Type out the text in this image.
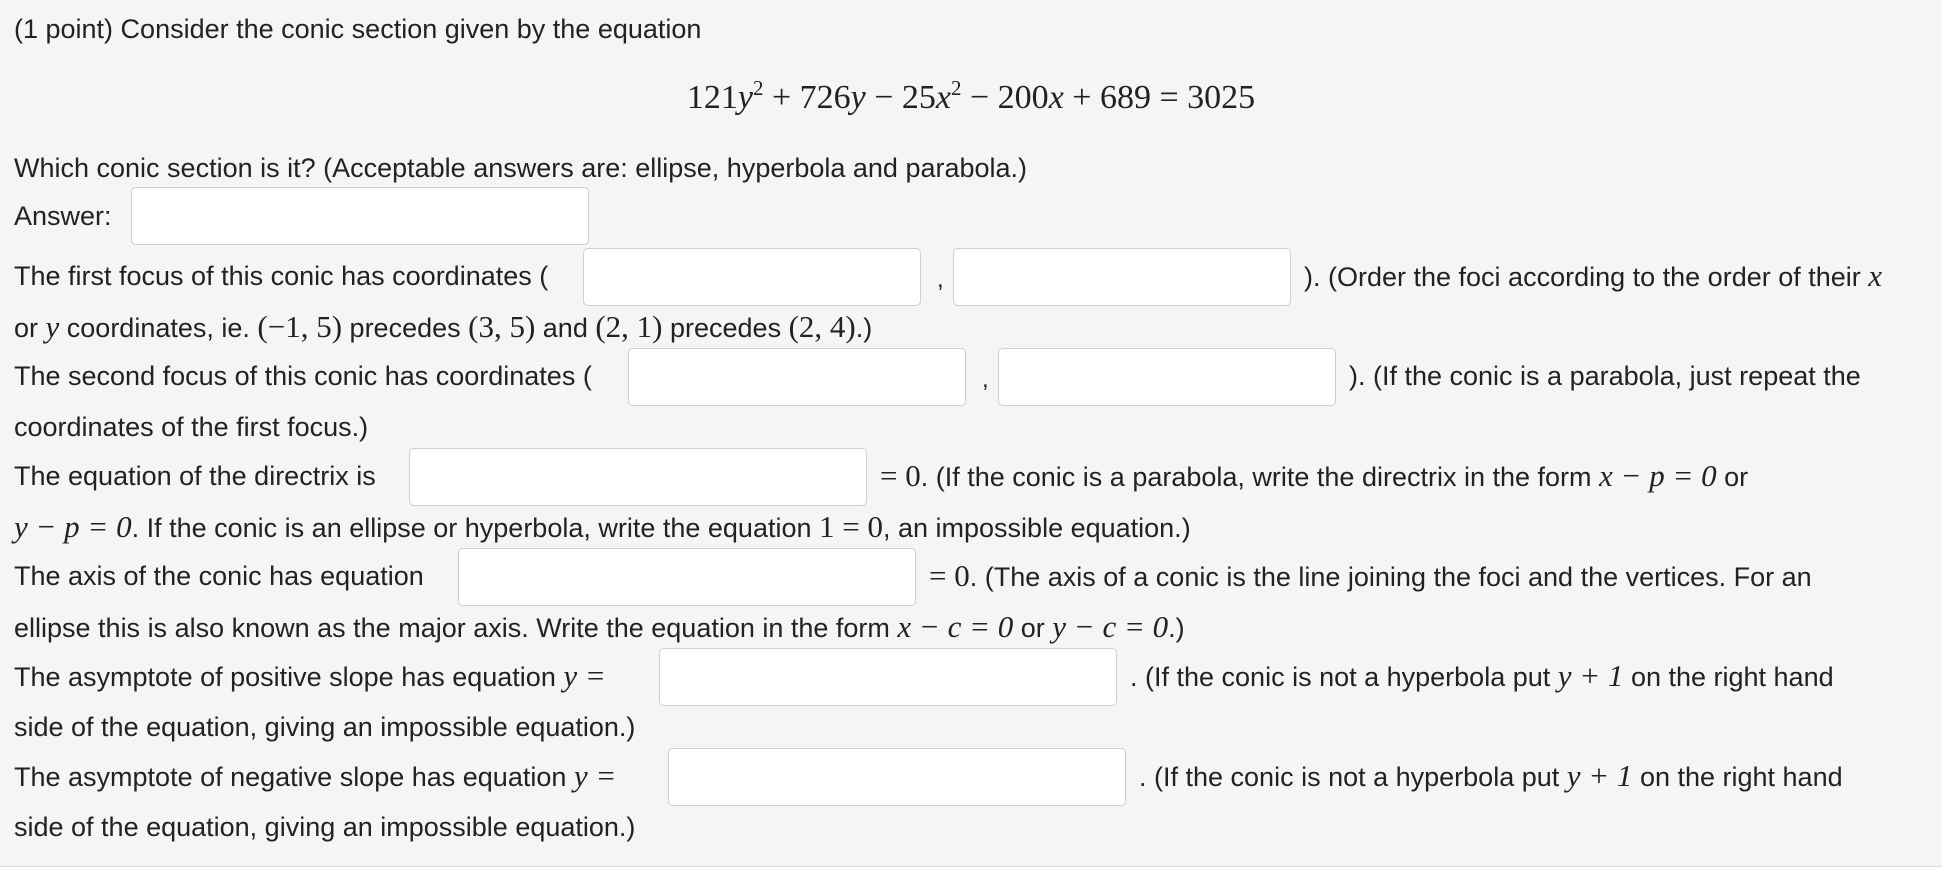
(1 point) Consider the conic section given by the equation
$121y^2 + 726y - 25x^2 - 200x + 689 = 3025$
Which conic section is it? (Acceptable answers are: ellipse, hyperbola and parabola.)
Answer:
The first focus of this conic has coordinates (	,	). (Order the foci according to the order of their x
or y coordinates, ie. (−1, 5) precedes (3, 5) and (2, 1) precedes (2, 4).)
The second focus of this conic has coordinates (	,	). (If the conic is a parabola, just repeat the
coordinates of the first focus.)
The equation of the directrix is	= 0. (If the conic is a parabola, write the directrix in the form x − p = 0 or
y − p = 0. If the conic is an ellipse or hyperbola, write the equation 1 = 0, an impossible equation.)
The axis of the conic has equation	= 0. (The axis of a conic is the line joining the foci and the vertices. For an
ellipse this is also known as the major axis. Write the equation in the form x − c = 0 or y − c = 0.)
The asymptote of positive slope has equation y =	. (If the conic is not a hyperbola put y + 1 on the right hand
side of the equation, giving an impossible equation.)
The asymptote of negative slope has equation y =	. (If the conic is not a hyperbola put y + 1 on the right hand
side of the equation, giving an impossible equation.)
